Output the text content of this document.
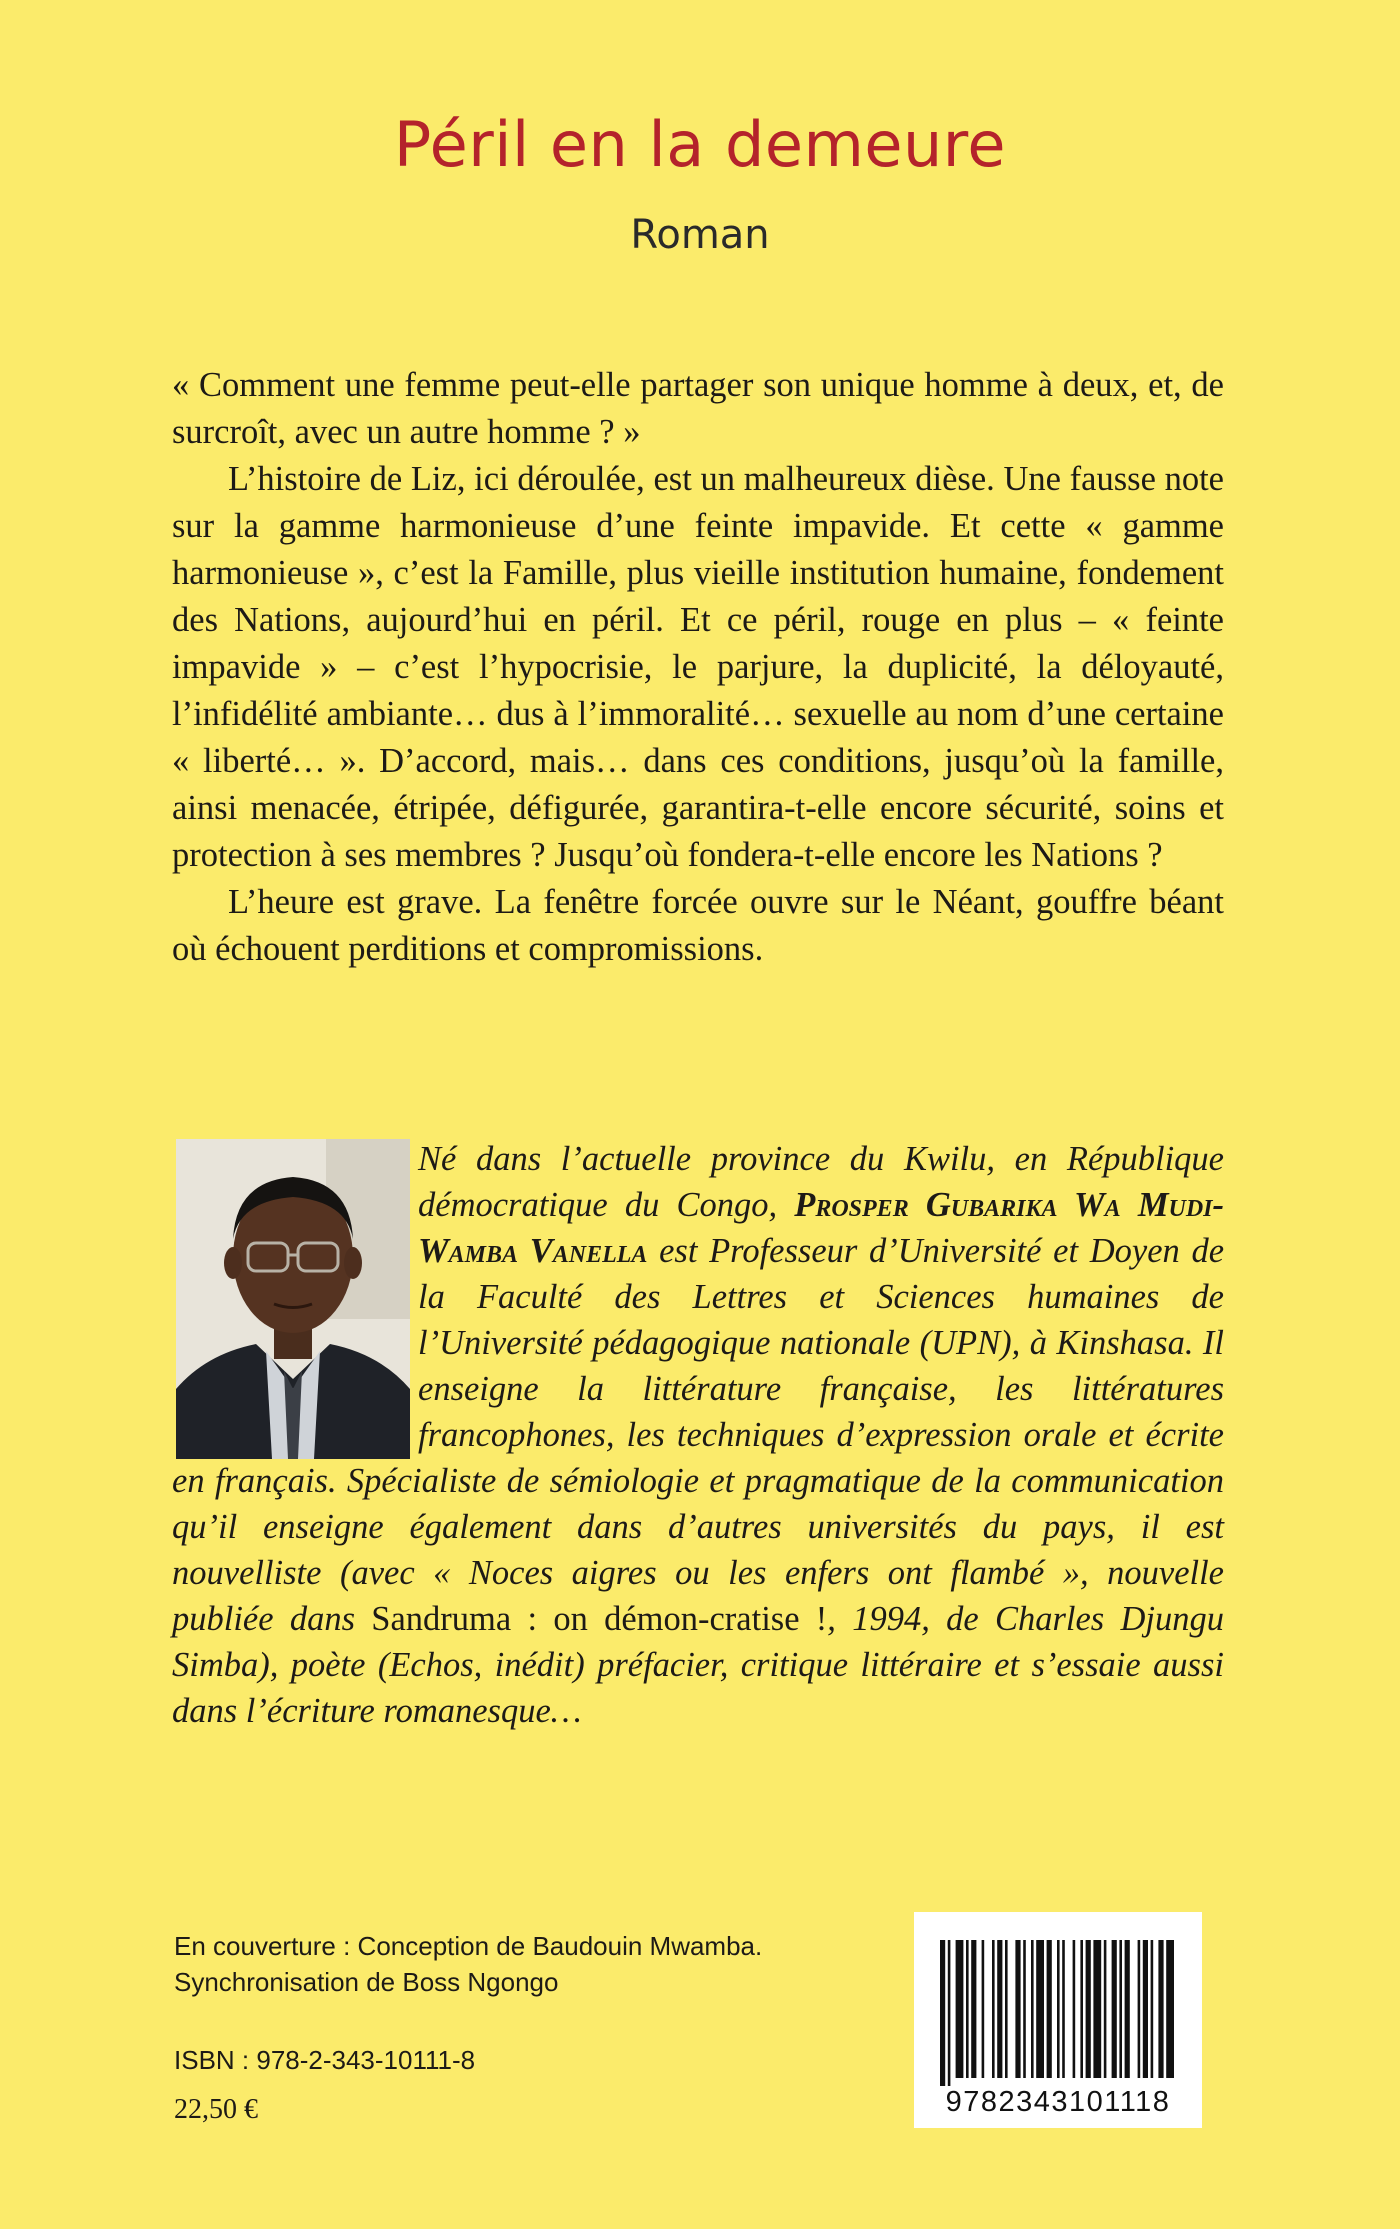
Péril en la demeure
Roman

« Comment une femme peut-elle partager son unique homme à deux, et, de surcroît, avec un autre homme ? »

L’histoire de Liz, ici déroulée, est un malheureux dièse. Une fausse note sur la gamme harmonieuse d’une feinte impavide. Et cette « gamme harmonieuse », c’est la Famille, plus vieille institution humaine, fondement des Nations, aujourd’hui en péril. Et ce péril, rouge en plus – « feinte impavide » – c’est l’hypocrisie, le parjure, la duplicité, la déloyauté, l’infidélité ambiante… dus à l’immoralité… sexuelle au nom d’une certaine « liberté… ». D’accord, mais… dans ces conditions, jusqu’où la famille, ainsi menacée, étripée, défigurée, garantira-t-elle encore sécurité, soins et protection à ses membres ? Jusqu’où fondera-t-elle encore les Nations ?

L’heure est grave. La fenêtre forcée ouvre sur le Néant, gouffre béant où échouent perditions et compromissions.

Né dans l’actuelle province du Kwilu, en République démocratique du Congo, Prosper Gubarika Wa Mudi-Wamba Vanella est Professeur d’Université et Doyen de la Faculté des Lettres et Sciences humaines de l’Université pédagogique nationale (UPN), à Kinshasa. Il enseigne la littérature française, les littératures francophones, les techniques d’expression orale et écrite en français. Spécialiste de sémiologie et pragmatique de la communication qu’il enseigne également dans d’autres universités du pays, il est nouvelliste (avec « Noces aigres ou les enfers ont flambé », nouvelle publiée dans Sandruma : on démon-cratise !, 1994, de Charles Djungu Simba), poète (Echos, inédit) préfacier, critique littéraire et s’essaie aussi dans l’écriture romanesque…
En couverture : Conception de Baudouin Mwamba.
Synchronisation de Boss Ngongo
ISBN : 978-2-343-10111-8
22,50 €	9782343101118
